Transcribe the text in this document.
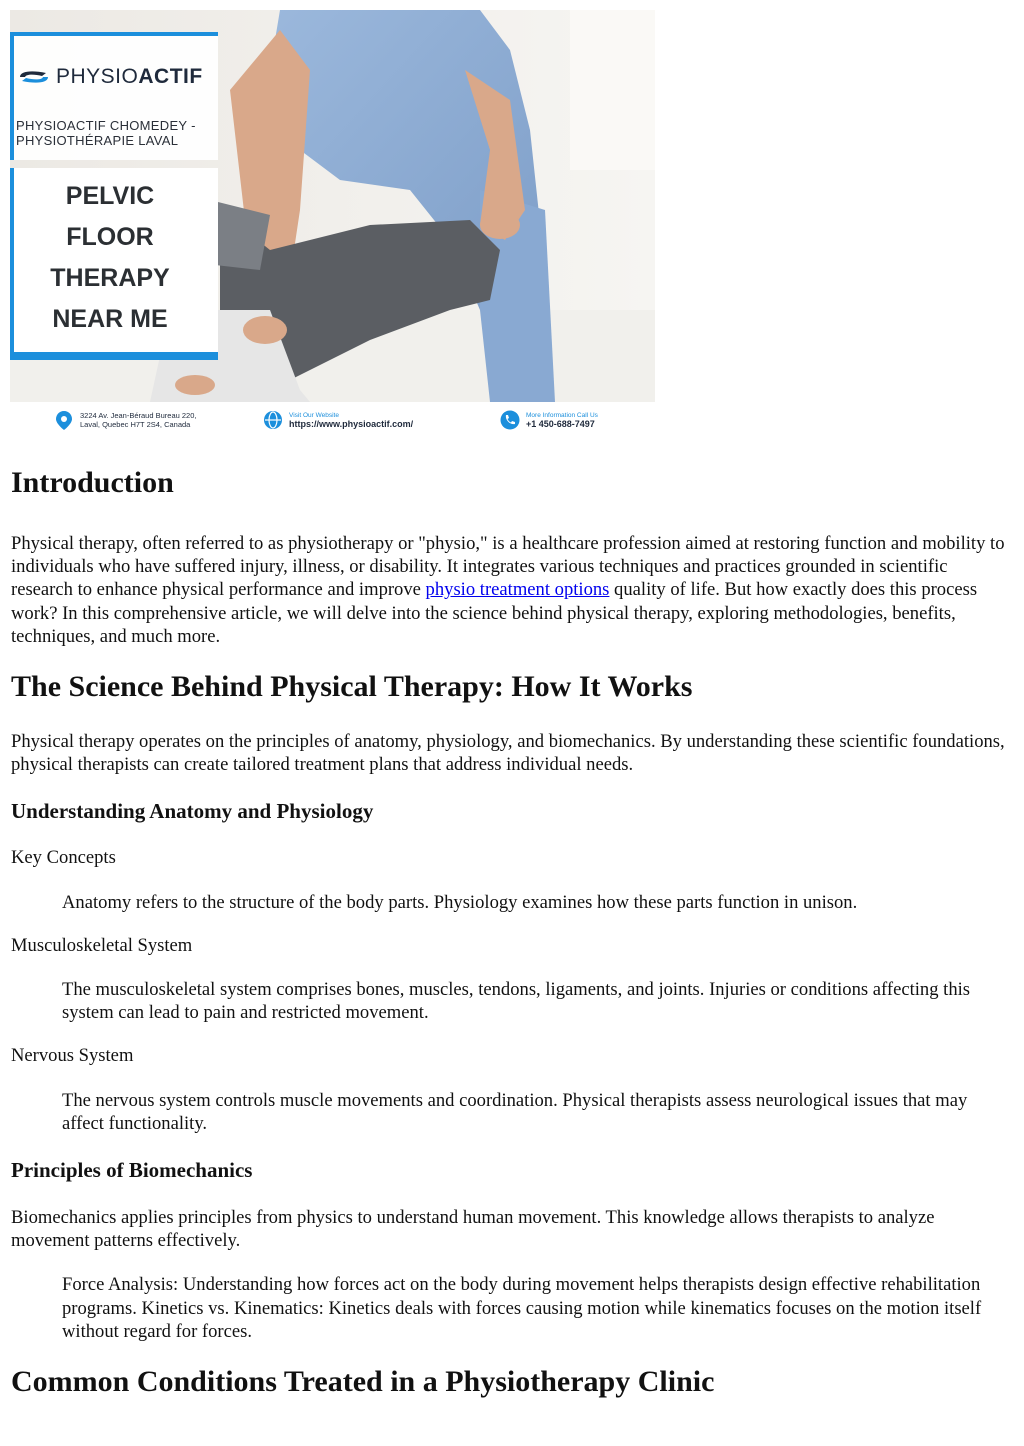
PHYSIOACTIF
PHYSIOACTIF CHOMEDEY - PHYSIOTHÉRAPIE LAVAL
PELVIC
FLOOR
THERAPY
NEAR ME
3224 Av. Jean-Béraud Bureau 220,
Laval, Quebec H7T 2S4, Canada
Visit Our Website
https://www.physioactif.com/
More Information Call Us
+1 450-688-7497
Introduction

Physical therapy, often referred to as physiotherapy or "physio," is a healthcare profession aimed at restoring function and mobility to individuals who have suffered injury, illness, or disability. It integrates various techniques and practices grounded in scientific research to enhance physical performance and improve physio treatment options quality of life. But how exactly does this process work? In this comprehensive article, we will delve into the science behind physical therapy, exploring methodologies, benefits, techniques, and much more.

The Science Behind Physical Therapy: How It Works

Physical therapy operates on the principles of anatomy, physiology, and biomechanics. By understanding these scientific foundations, physical therapists can create tailored treatment plans that address individual needs.

Understanding Anatomy and Physiology

Key Concepts

Anatomy refers to the structure of the body parts. Physiology examines how these parts function in unison.

Musculoskeletal System

The musculoskeletal system comprises bones, muscles, tendons, ligaments, and joints. Injuries or conditions affecting this system can lead to pain and restricted movement.

Nervous System

The nervous system controls muscle movements and coordination. Physical therapists assess neurological issues that may affect functionality.

Principles of Biomechanics

Biomechanics applies principles from physics to understand human movement. This knowledge allows therapists to analyze movement patterns effectively.

Force Analysis: Understanding how forces act on the body during movement helps therapists design effective rehabilitation programs. Kinetics vs. Kinematics: Kinetics deals with forces causing motion while kinematics focuses on the motion itself without regard for forces.

Common Conditions Treated in a Physiotherapy Clinic
